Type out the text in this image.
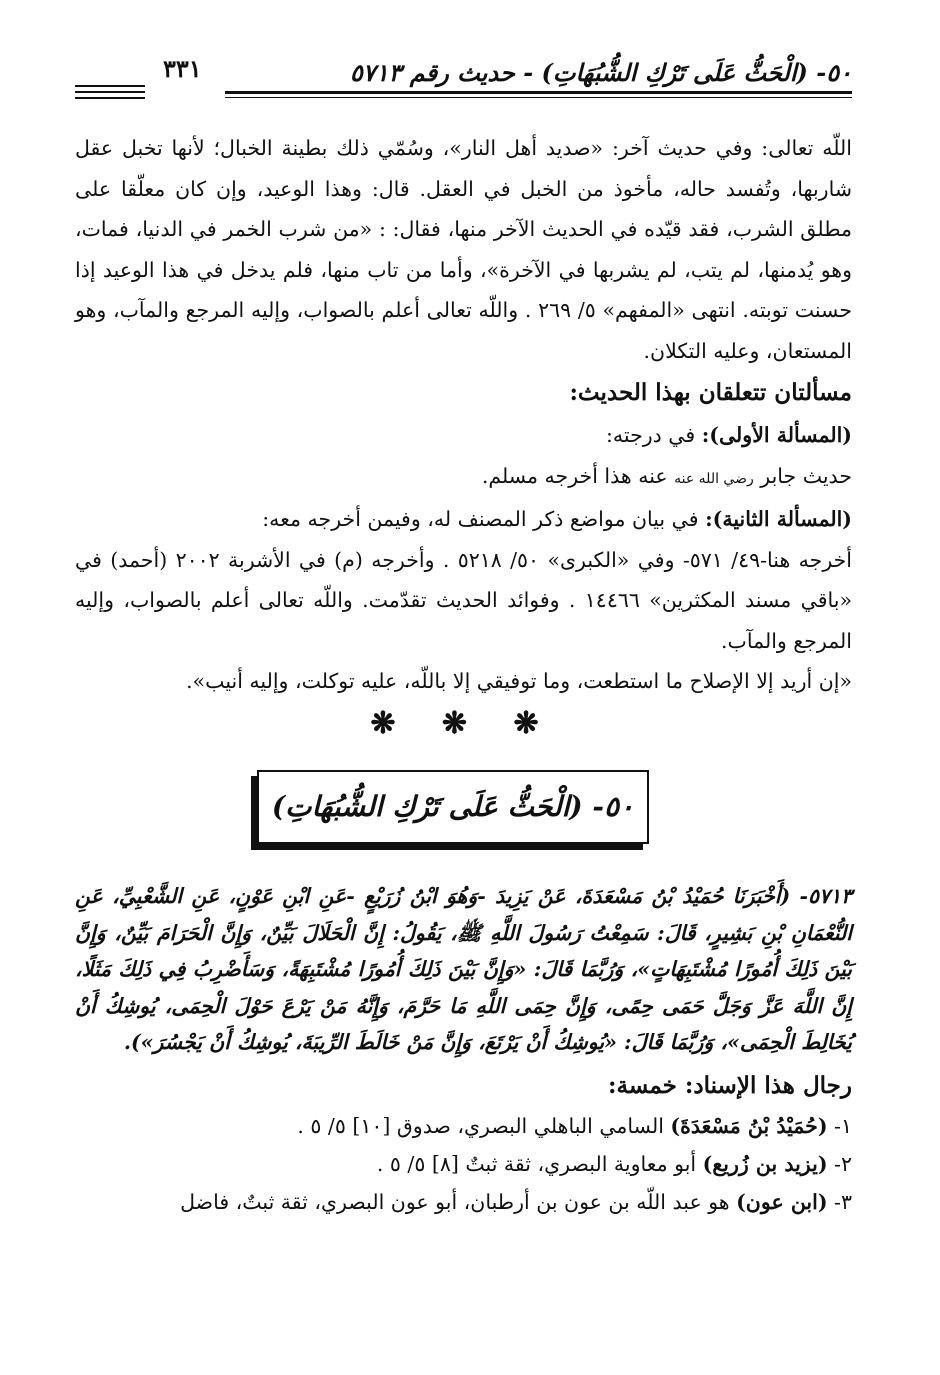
٥٠- (الْحَثُّ عَلَى تَرْكِ الشُّبُهَاتِ) - حديث رقم ٥٧١٣
٣٣١

اللّه تعالى: وفي حديث آخر: «صديد أهل النار»، وسُمّي ذلك بطينة الخبال؛ لأنها تخبل عقل شاربها، وتُفسد حاله، مأخوذ من الخبل في العقل. قال: وهذا الوعيد، وإن كان معلّقا على مطلق الشرب، فقد قيّده في الحديث الآخر منها، فقال: : «من شرب الخمر في الدنيا، فمات، وهو يُدمنها، لم يتب، لم يشربها في الآخرة»، وأما من تاب منها، فلم يدخل في هذا الوعيد إذا حسنت توبته. انتهى «المفهم» ٥/ ٢٦٩ . واللّه تعالى أعلم بالصواب، وإليه المرجع والمآب، وهو المستعان، وعليه التكلان.

مسألتان تتعلقان بهذا الحديث:

(المسألة الأولى): في درجته:

حديث جابر رضي الله عنه عنه هذا أخرجه مسلم.

(المسألة الثانية): في بيان مواضع ذكر المصنف له، وفيمن أخرجه معه:

أخرجه هنا-٤٩/ ٥٧١- وفي «الكبرى» ٥٠/ ٥٢١٨ . وأخرجه (م) في الأشربة ٢٠٠٢ (أحمد) في «باقي مسند المكثرين» ١٤٤٦٦ . وفوائد الحديث تقدّمت. واللّه تعالى أعلم بالصواب، وإليه المرجع والمآب.

«إن أريد إلا الإصلاح ما استطعت، وما توفيقي إلا باللّه، عليه توكلت، وإليه أنيب».

❋ ❋ ❋

٥٠- (الْحَثُّ عَلَى تَرْكِ الشُّبُهَاتِ)

٥٧١٣- (أَخْبَرَنَا حُمَيْدُ بْنُ مَسْعَدَةَ، عَنْ يَزِيدَ -وَهُوَ ابْنُ زُرَيْعٍ -عَنِ ابْنِ عَوْنٍ، عَنِ الشَّعْبِيِّ، عَنِ النُّعْمَانِ بْنِ بَشِيرٍ، قَالَ: سَمِعْتُ رَسُولَ اللَّهِ ﷺ، يَقُولُ: إِنَّ الْحَلَالَ بَيِّنٌ، وَإِنَّ الْحَرَامَ بَيِّنٌ، وَإِنَّ بَيْنَ ذَلِكَ أُمُورًا مُشْتَبِهَاتٍ»، وَرُبَّمَا قَالَ: «وَإِنَّ بَيْنَ ذَلِكَ أُمُورًا مُشْتَبِهَةً، وَسَأَضْرِبُ فِي ذَلِكَ مَثَلًا، إِنَّ اللَّهَ عَزَّ وَجَلَّ حَمَى حِمًى، وَإِنَّ حِمَى اللَّهِ مَا حَرَّمَ، وَإِنَّهُ مَنْ يَرْعَ حَوْلَ الْحِمَى، يُوشِكُ أَنْ يُخَالِطَ الْحِمَى»، وَرُبَّمَا قَالَ: «يُوشِكُ أَنْ يَرْتَعَ، وَإِنَّ مَنْ خَالَطَ الرِّيبَةَ، يُوشِكُ أَنْ يَجْسُرَ»).

رجال هذا الإسناد: خمسة:

١- (حُمَيْدُ بْنُ مَسْعَدَةَ) السامي الباهلي البصري، صدوق [١٠] ٥/ ٥ .

٢- (يزيد بن زُريع) أبو معاوية البصري، ثقة ثبتٌ [٨] ٥/ ٥ .

٣- (ابن عون) هو عبد اللّه بن عون بن أرطبان، أبو عون البصري، ثقة ثبتٌ، فاضل
